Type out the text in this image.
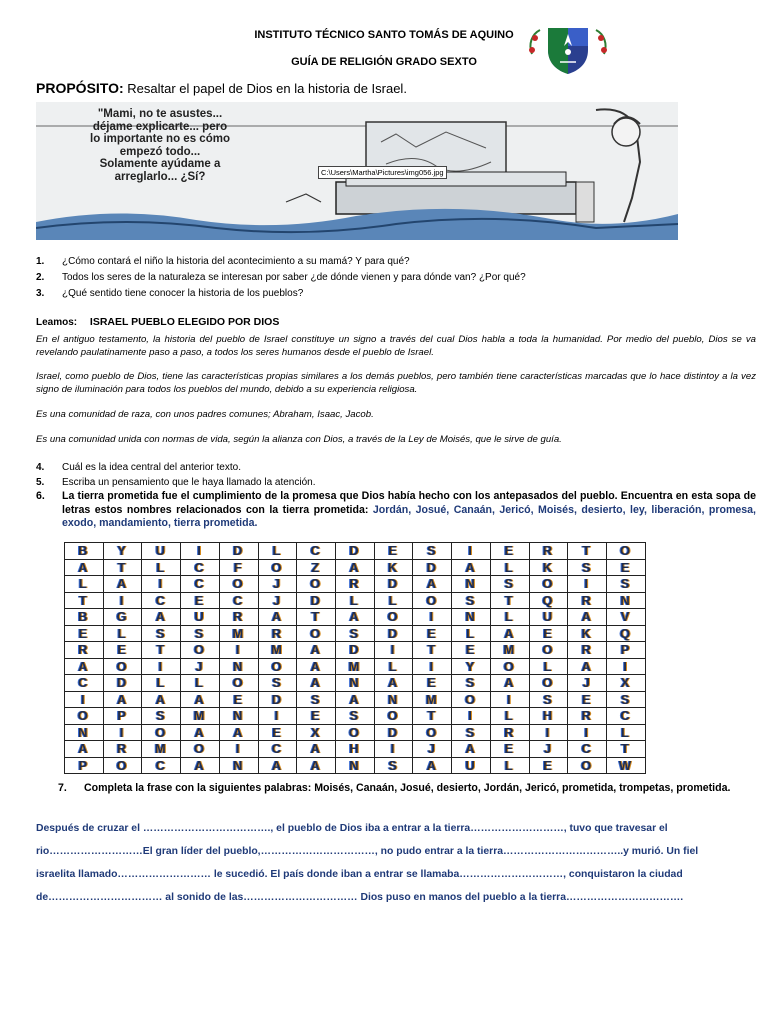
INSTITUTO TÉCNICO SANTO TOMÁS DE AQUINO
GUÍA DE RELIGIÓN GRADO SEXTO
PROPÓSITO: Resaltar el papel de Dios en la historia de Israel.
"Mami, no te asustes...
déjame explicarte... pero
lo importante no es cómo
empezó todo...
Solamente ayúdame a
arreglarlo... ¿Sí?	C:\Users\Martha\Pictures\img056.jpg
1.	¿Cómo contará el niño la historia del acontecimiento a su mamá? Y para qué?
2.	Todos los seres de la naturaleza se interesan por saber ¿de dónde vienen y para dónde van? ¿Por qué?
3.	¿Qué sentido tiene conocer la historia de los pueblos?
Leamos: ISRAEL PUEBLO ELEGIDO POR DIOS
En el antiguo testamento, la historia del pueblo de Israel constituye un signo a través del cual Dios habla a toda la humanidad. Por medio del pueblo, Dios se va revelando paulatinamente paso a paso, a todos los seres humanos desde el pueblo de Israel.
Israel, como pueblo de Dios, tiene las características propias similares a los demás pueblos, pero también tiene características marcadas que lo hace distintoy a la vez signo de iluminación para todos los pueblos del mundo, debido a su experiencia religiosa.
Es una comunidad de raza, con unos padres comunes; Abraham, Isaac, Jacob.
Es una comunidad unida con normas de vida, según la alianza con Dios, a través de la Ley de Moisés, que le sirve de guía.
4.	Cuál es la idea central del anterior texto.
5.	Escriba un pensamiento que le haya llamado la atención.
6.	La tierra prometida fue el cumplimiento de la promesa que Dios había hecho con los antepasados del pueblo. Encuentra en esta sopa de letras estos nombres relacionados con la tierra prometida: Jordán, Josué, Canaán, Jericó, Moisés, desierto, ley, liberación, promesa, exodo, mandamiento, tierra prometida.
B	Y	U	I	D	L	C	D	E	S	I	E	R	T	O
A	T	L	C	F	O	Z	A	K	D	A	L	K	S	E
L	A	I	C	O	J	O	R	D	A	N	S	O	I	S
T	I	C	E	C	J	D	L	L	O	S	T	Q	R	N
B	G	A	U	R	A	T	A	O	I	N	L	U	A	V
E	L	S	S	M	R	O	S	D	E	L	A	E	K	Q
R	E	T	O	I	M	A	D	I	T	E	M	O	R	P
A	O	I	J	N	O	A	M	L	I	Y	O	L	A	I
C	D	L	L	O	S	A	N	A	E	S	A	O	J	X
I	A	A	A	E	D	S	A	N	M	O	I	S	E	S
O	P	S	M	N	I	E	S	O	T	I	L	H	R	C
N	I	O	A	A	E	X	O	D	O	S	R	I	I	L
A	R	M	O	I	C	A	H	I	J	A	E	J	C	T
P	O	C	A	N	A	A	N	S	A	U	L	E	O	W
7.	Completa la frase con la siguientes palabras: Moisés, Canaán, Josué, desierto, Jordán, Jericó, prometida, trompetas, prometida.
Después de cruzar el ………………………………., el pueblo de Dios iba a entrar a la tierra………………………, tuvo que travesar el
rio………………………El gran líder del pueblo,……………………………, no pudo entrar a la tierra……………………………..y murió. Un fiel
israelita llamado……………………… le sucedió. El país donde iban a entrar se llamaba…………………………, conquistaron la ciudad
de…………………………… al sonido de las…………………………… Dios puso en manos del pueblo a la tierra…………………………….
